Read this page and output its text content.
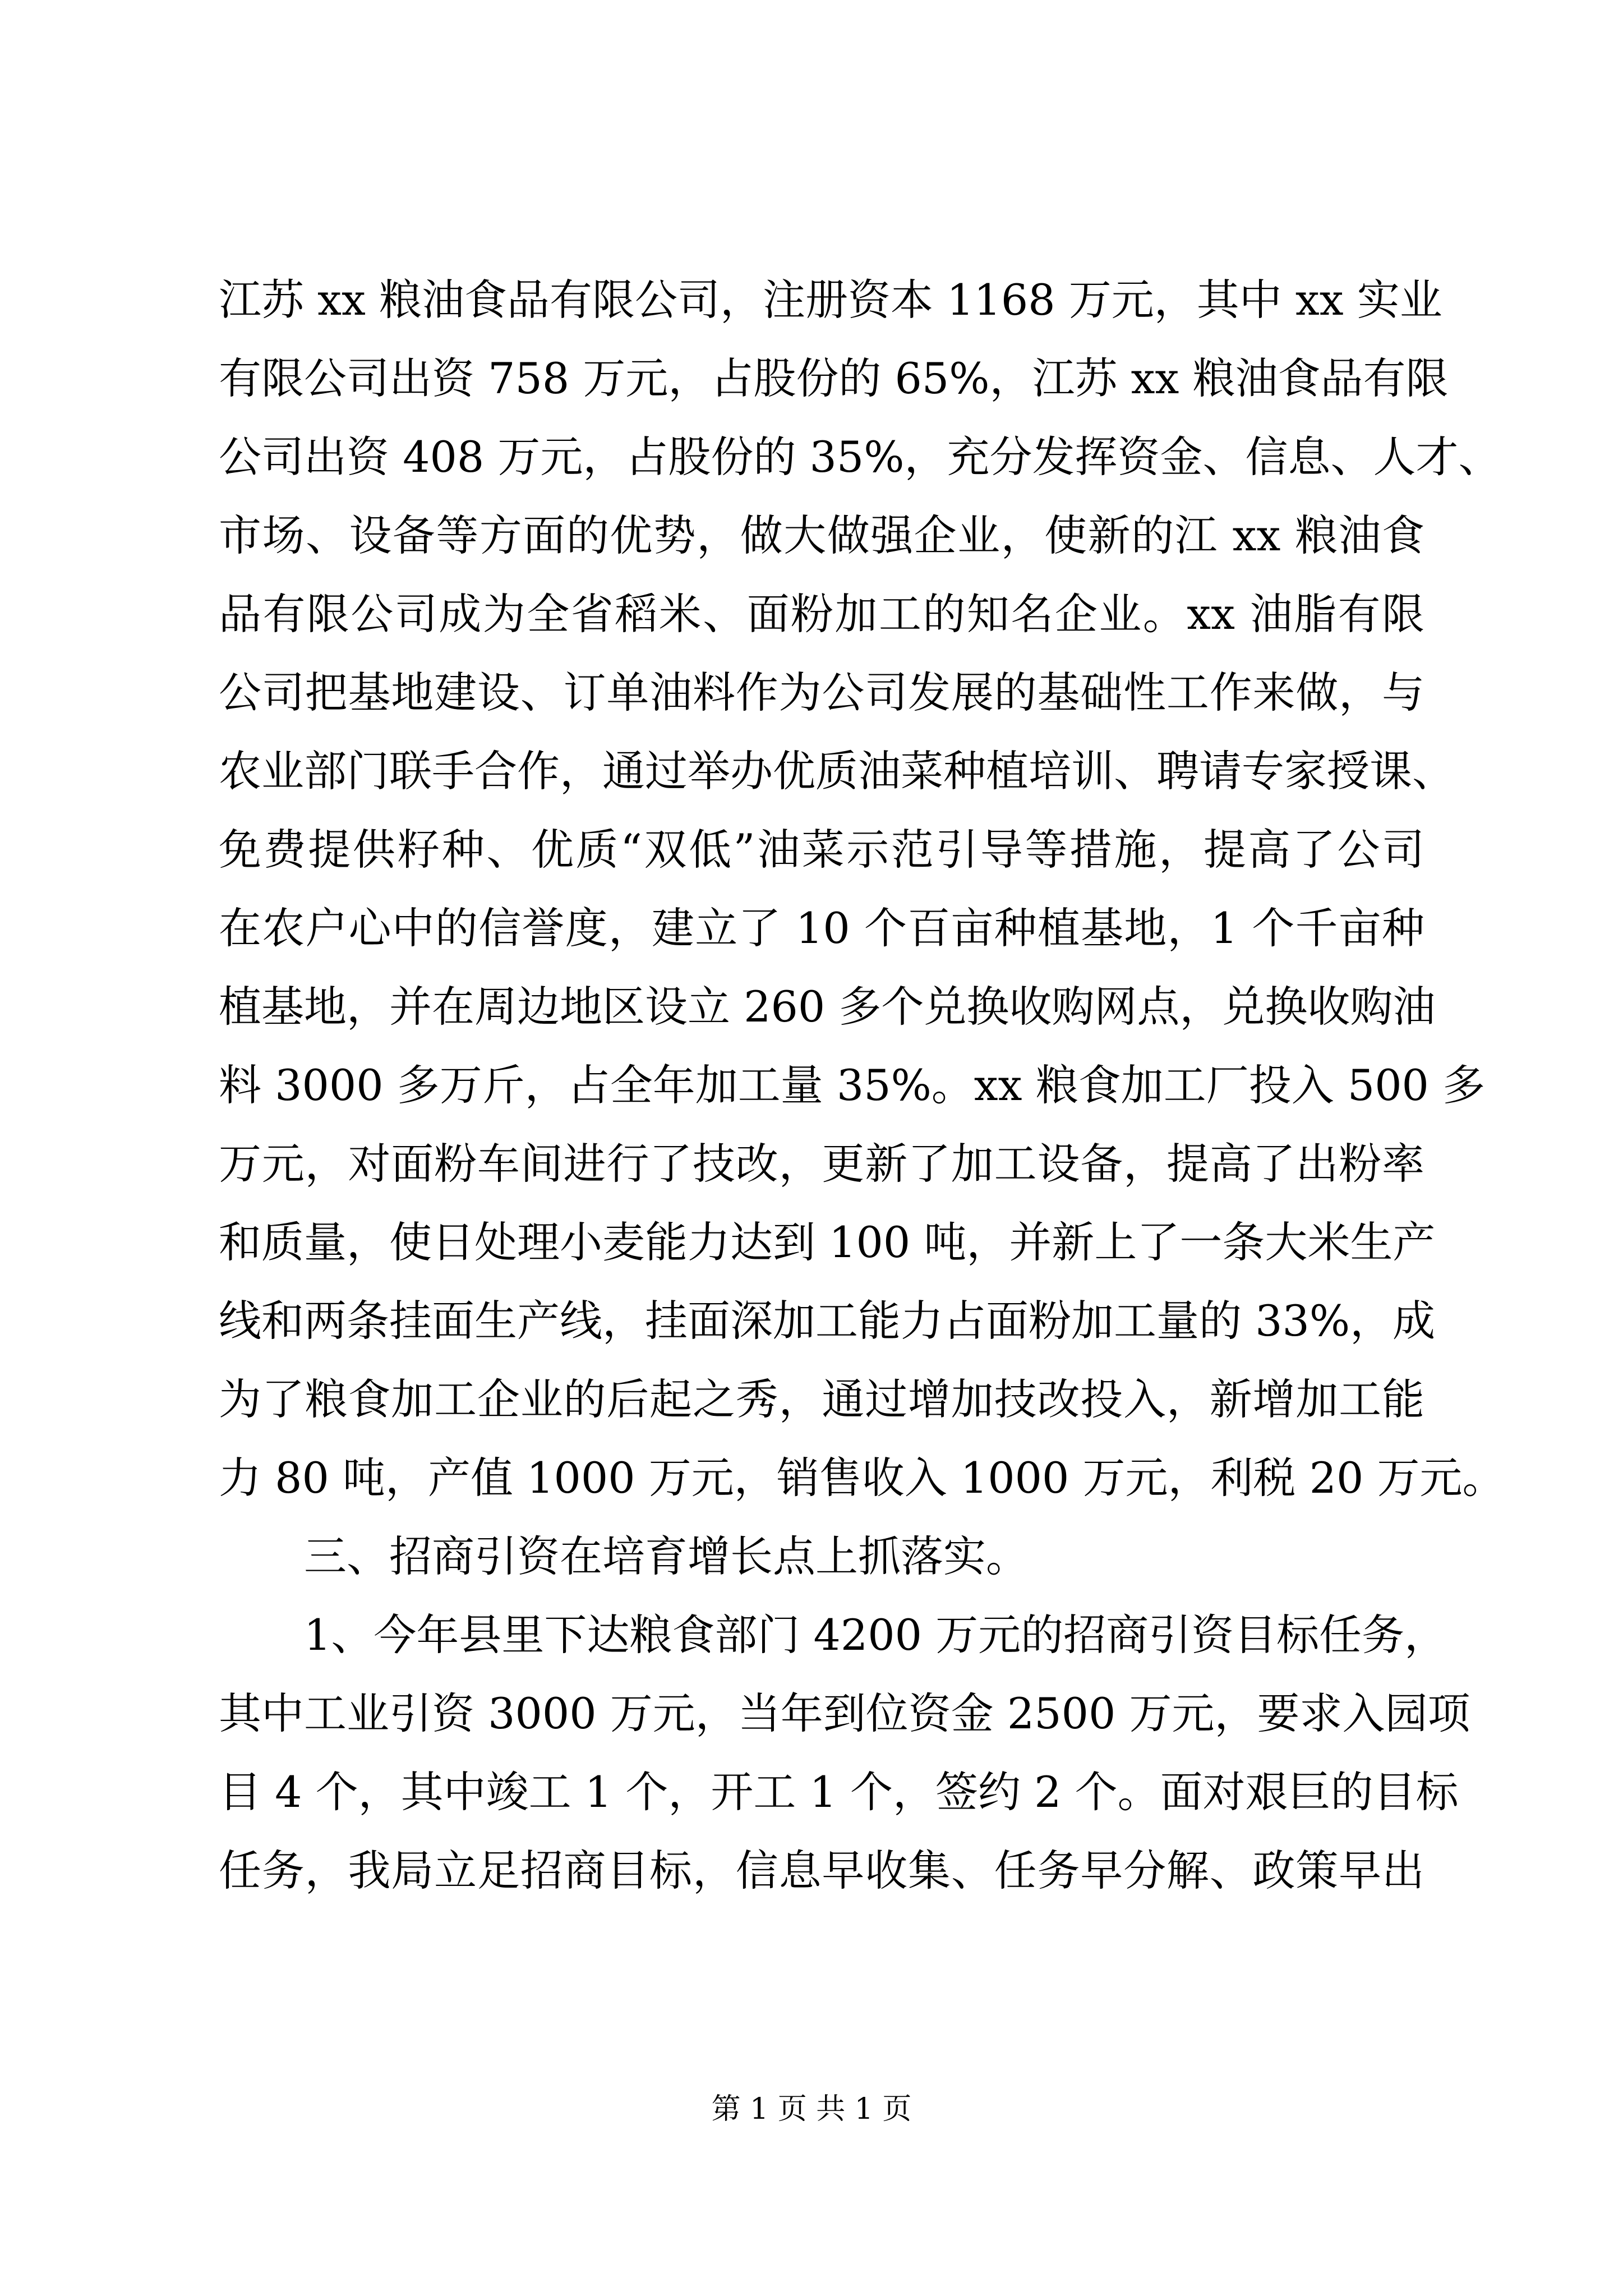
江苏 xx 粮油食品有限公司，注册资本 1168 万元，其中 xx 实业
有限公司出资 758 万元，占股份的 65%，江苏 xx 粮油食品有限
公司出资 408 万元，占股份的 35%，充分发挥资金、信息、人才、
市场、设备等方面的优势，做大做强企业，使新的江 xx 粮油食
品有限公司成为全省稻米、面粉加工的知名企业。xx 油脂有限
公司把基地建设、订单油料作为公司发展的基础性工作来做，与
农业部门联手合作，通过举办优质油菜种植培训、聘请专家授课、
免费提供籽种、优质“双低”油菜示范引导等措施，提高了公司
在农户心中的信誉度，建立了 10 个百亩种植基地，1 个千亩种
植基地，并在周边地区设立 260 多个兑换收购网点，兑换收购油
料 3000 多万斤，占全年加工量 35%。xx 粮食加工厂投入 500 多
万元，对面粉车间进行了技改，更新了加工设备，提高了出粉率
和质量，使日处理小麦能力达到 100 吨，并新上了一条大米生产
线和两条挂面生产线，挂面深加工能力占面粉加工量的 33%，成
为了粮食加工企业的后起之秀，通过增加技改投入，新增加工能
力 80 吨，产值 1000 万元，销售收入 1000 万元，利税 20 万元。
三、招商引资在培育增长点上抓落实。
1、今年县里下达粮食部门 4200 万元的招商引资目标任务，
其中工业引资 3000 万元，当年到位资金 2500 万元，要求入园项
目 4 个，其中竣工 1 个，开工 1 个，签约 2 个。面对艰巨的目标
任务，我局立足招商目标，信息早收集、任务早分解、政策早出
第 1 页 共 1 页
